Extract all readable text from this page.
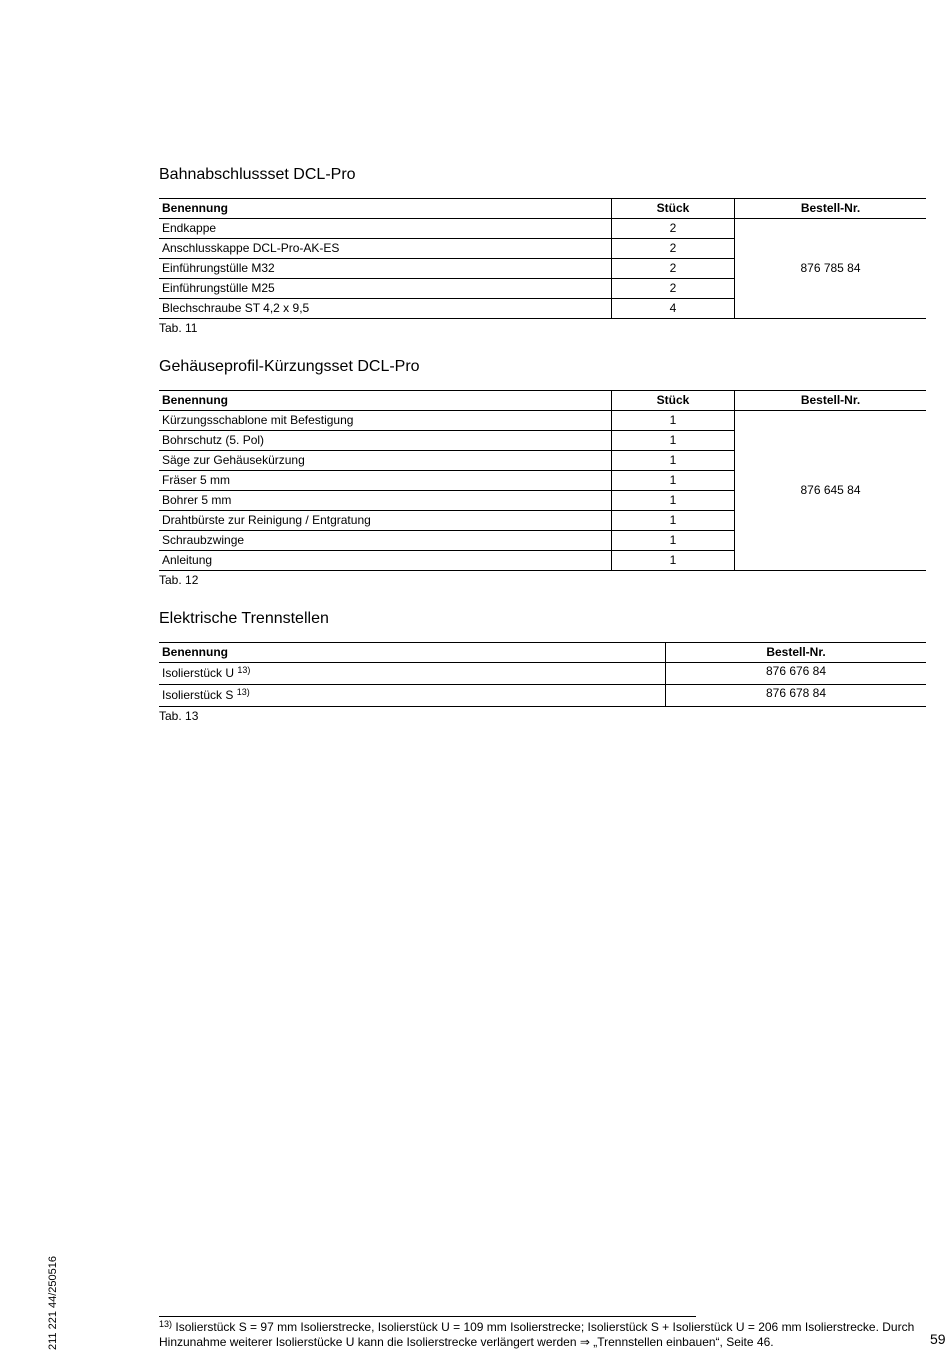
Bahnabschlussset DCL-Pro
Benennung	Stück	Bestell-Nr.
Endkappe	2	876 785 84
Anschlusskappe DCL-Pro-AK-ES	2	
Einführungstülle M32	2	
Einführungstülle M25	2	
Blechschraube ST 4,2 x 9,5	4	
Tab. 11
Gehäuseprofil-Kürzungsset DCL-Pro
Benennung	Stück	Bestell-Nr.
Kürzungsschablone mit Befestigung	1	876 645 84
Bohrschutz (5. Pol)	1	
Säge zur Gehäusekürzung	1	
Fräser 5 mm	1	
Bohrer 5 mm	1	
Drahtbürste zur Reinigung / Entgratung	1	
Schraubzwinge	1	
Anleitung	1	
Tab. 12
Elektrische Trennstellen
Benennung	Bestell-Nr.
Isolierstück U $^{13)}$	876 676 84
Isolierstück S $^{13)}$	876 678 84
Tab. 13
211 221 44/250516	$^{13)}$ Isolierstück S = 97 mm Isolierstrecke, Isolierstück U = 109 mm Isolierstrecke; Isolierstück S + Isolierstück U = 206 mm Isolierstrecke. Durch Hinzunahme weiterer Isolierstücke U kann die Isolierstrecke verlängert werden ⇒ „Trennstellen einbauen“, Seite 46.	59
